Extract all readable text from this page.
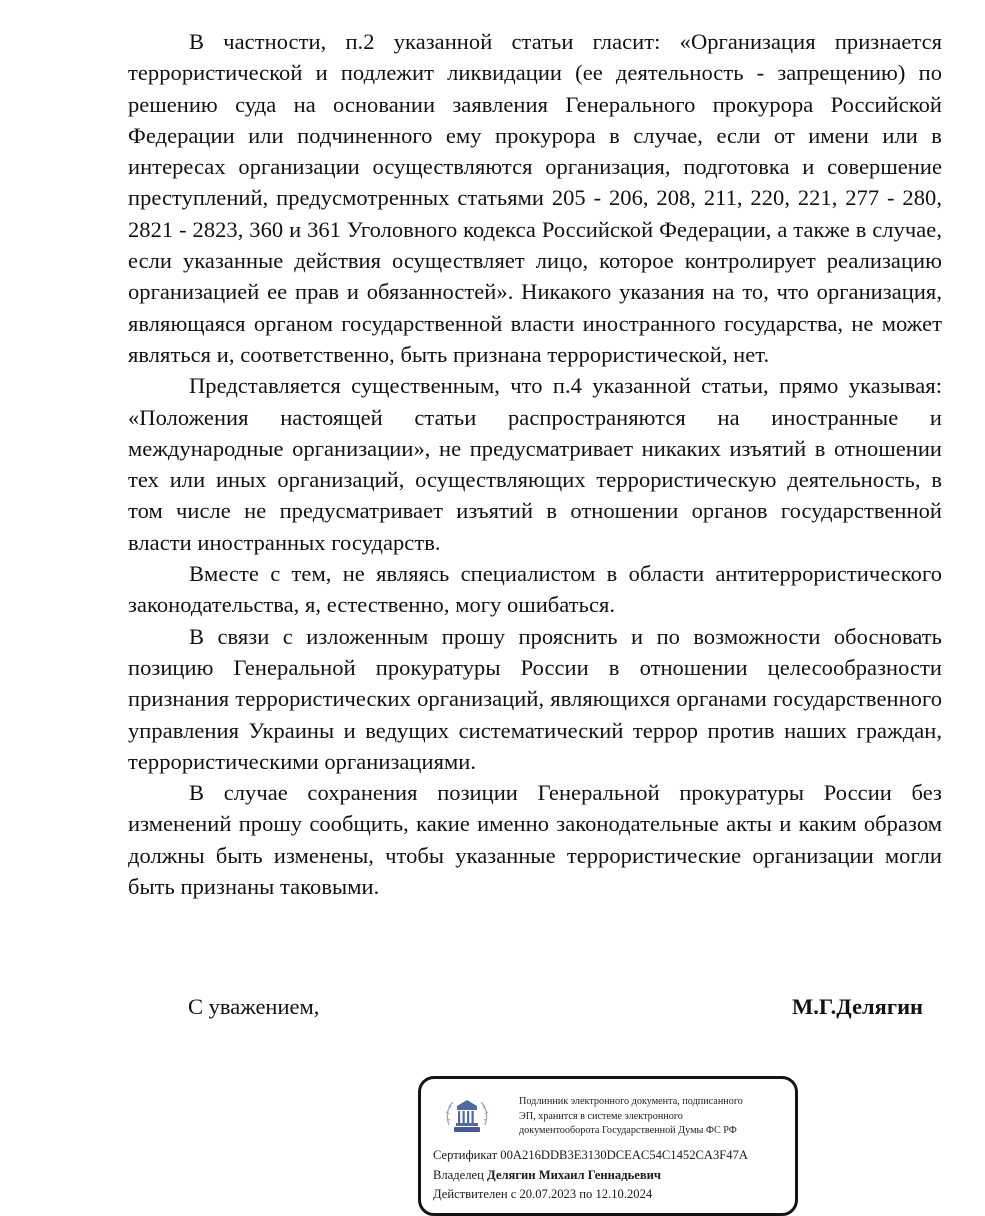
В частности, п.2 указанной статьи гласит: «Организация признается террористической и подлежит ликвидации (ее деятельность - запрещению) по решению суда на основании заявления Генерального прокурора Российской Федерации или подчиненного ему прокурора в случае, если от имени или в интересах организации осуществляются организация, подготовка и совершение преступлений, предусмотренных статьями 205 - 206, 208, 211, 220, 221, 277 - 280, 2821 - 2823, 360 и 361 Уголовного кодекса Российской Федерации, а также в случае, если указанные действия осуществляет лицо, которое контролирует реализацию организацией ее прав и обязанностей». Никакого указания на то, что организация, являющаяся органом государственной власти иностранного государства, не может являться и, соответственно, быть признана террористической, нет.

Представляется существенным, что п.4 указанной статьи, прямо указывая: «Положения настоящей статьи распространяются на иностранные и международные организации», не предусматривает никаких изъятий в отношении тех или иных организаций, осуществляющих террористическую деятельность, в том числе не предусматривает изъятий в отношении органов государственной власти иностранных государств.

Вместе с тем, не являясь специалистом в области антитеррористического законодательства, я, естественно, могу ошибаться.

В связи с изложенным прошу прояснить и по возможности обосновать позицию Генеральной прокуратуры России в отношении целесообразности признания террористических организаций, являющихся органами государственного управления Украины и ведущих систематический террор против наших граждан, террористическими организациями.

В случае сохранения позиции Генеральной прокуратуры России без изменений прошу сообщить, какие именно законодательные акты и каким образом должны быть изменены, чтобы указанные террористические организации могли быть признаны таковыми.

С уважением,	М.Г.Делягин
Подлинник электронного документа, подписанного
ЭП, хранится в системе электронного
документооборота Государственной Думы ФС РФ
Сертификат 00A216DDB3E3130DCEAC54C1452CA3F47A
Владелец Делягин Михаил Геннадьевич
Действителен с 20.07.2023 по 12.10.2024
